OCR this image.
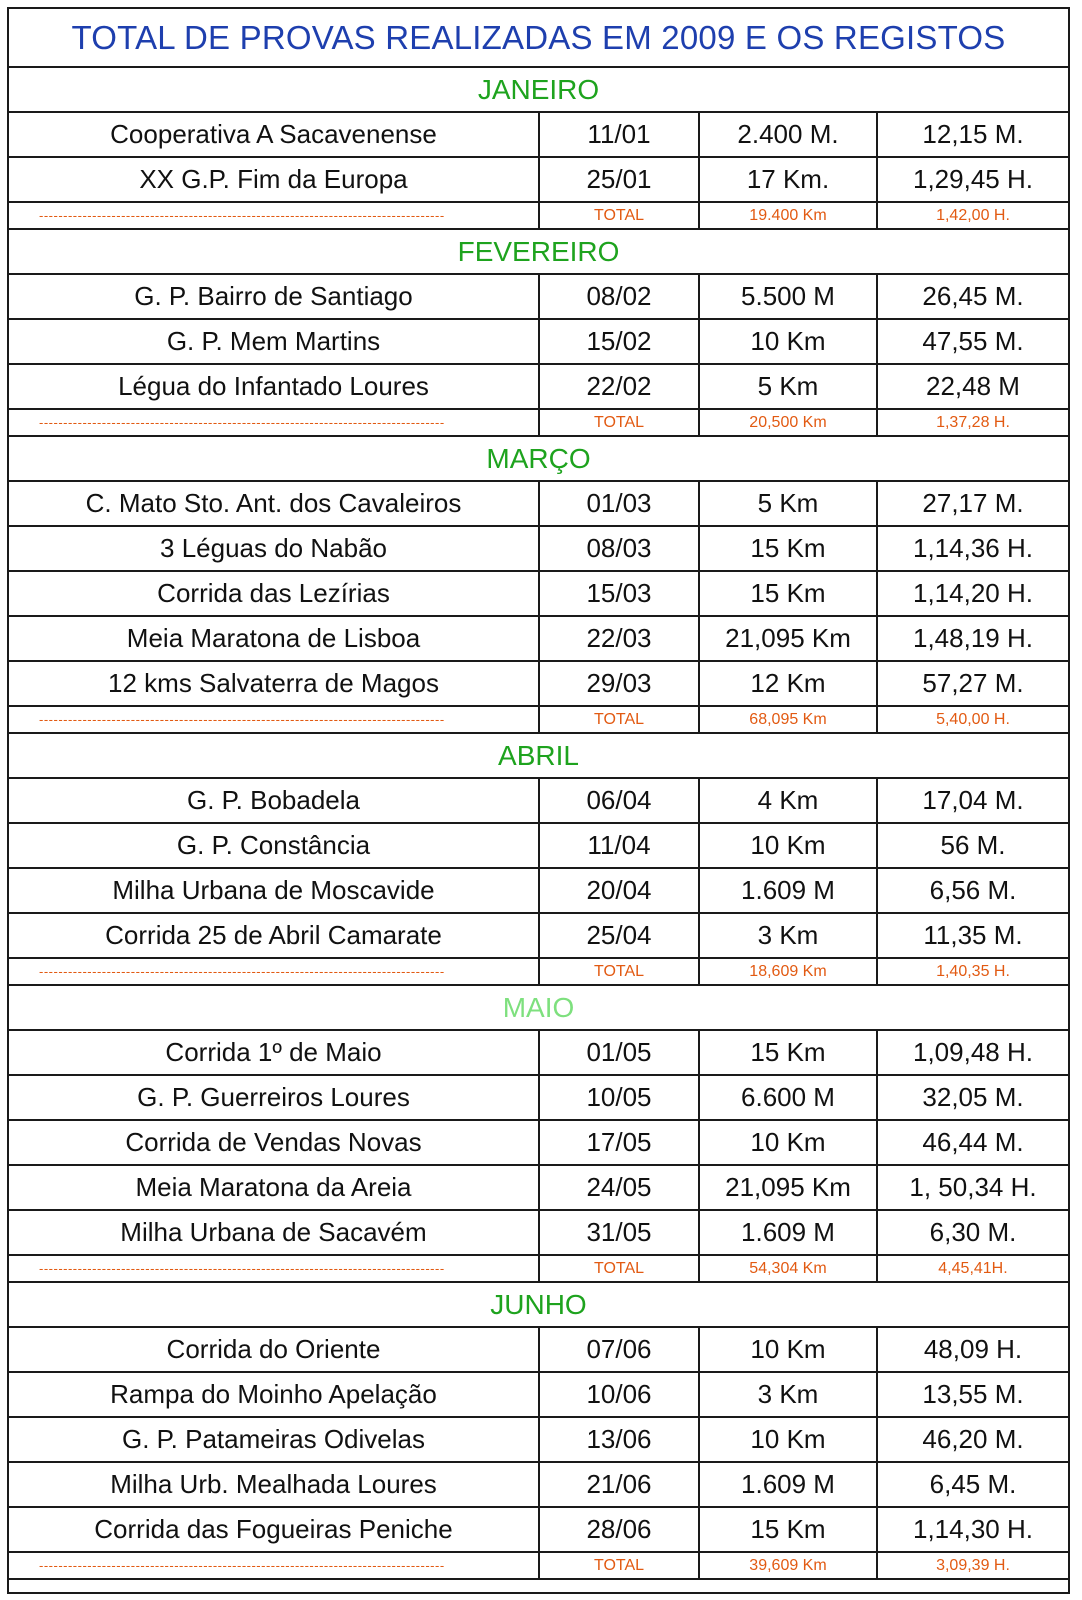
TOTAL DE PROVAS REALIZADAS EM 2009 E OS REGISTOS
JANEIRO
Cooperativa A Sacavenense	11/01	2.400 M.	12,15 M.
XX G.P. Fim da Europa	25/01	17 Km.	1,29,45 H.
------------------------------------------------------------------------------------	TOTAL	19.400 Km	1,42,00 H.
FEVEREIRO
G. P. Bairro de Santiago	08/02	5.500 M	26,45 M.
G. P. Mem Martins	15/02	10 Km	47,55 M.
Légua do Infantado Loures	22/02	5 Km	22,48 M
------------------------------------------------------------------------------------	TOTAL	20,500 Km	1,37,28 H.
MARÇO
C. Mato Sto. Ant. dos Cavaleiros	01/03	5 Km	27,17 M.
3 Léguas do Nabão	08/03	15 Km	1,14,36 H.
Corrida das Lezírias	15/03	15 Km	1,14,20 H.
Meia Maratona de Lisboa	22/03	21,095 Km	1,48,19 H.
12 kms Salvaterra de Magos	29/03	12 Km	57,27 M.
------------------------------------------------------------------------------------	TOTAL	68,095 Km	5,40,00 H.
ABRIL
G. P. Bobadela	06/04	4 Km	17,04 M.
G. P. Constância	11/04	10 Km	56 M.
Milha Urbana de Moscavide	20/04	1.609 M	6,56 M.
Corrida 25 de Abril Camarate	25/04	3 Km	11,35 M.
------------------------------------------------------------------------------------	TOTAL	18,609 Km	1,40,35 H.
MAIO
Corrida 1º de Maio	01/05	15 Km	1,09,48 H.
G. P. Guerreiros Loures	10/05	6.600 M	32,05 M.
Corrida de Vendas Novas	17/05	10 Km	46,44 M.
Meia Maratona da Areia	24/05	21,095 Km	1, 50,34 H.
Milha Urbana de Sacavém	31/05	1.609 M	6,30 M.
------------------------------------------------------------------------------------	TOTAL	54,304 Km	4,45,41H.
JUNHO
Corrida do Oriente	07/06	10 Km	48,09 H.
Rampa do Moinho Apelação	10/06	3 Km	13,55 M.
G. P. Patameiras Odivelas	13/06	10 Km	46,20 M.
Milha Urb. Mealhada Loures	21/06	1.609 M	6,45 M.
Corrida das Fogueiras Peniche	28/06	15 Km	1,14,30 H.
------------------------------------------------------------------------------------	TOTAL	39,609 Km	3,09,39 H.
